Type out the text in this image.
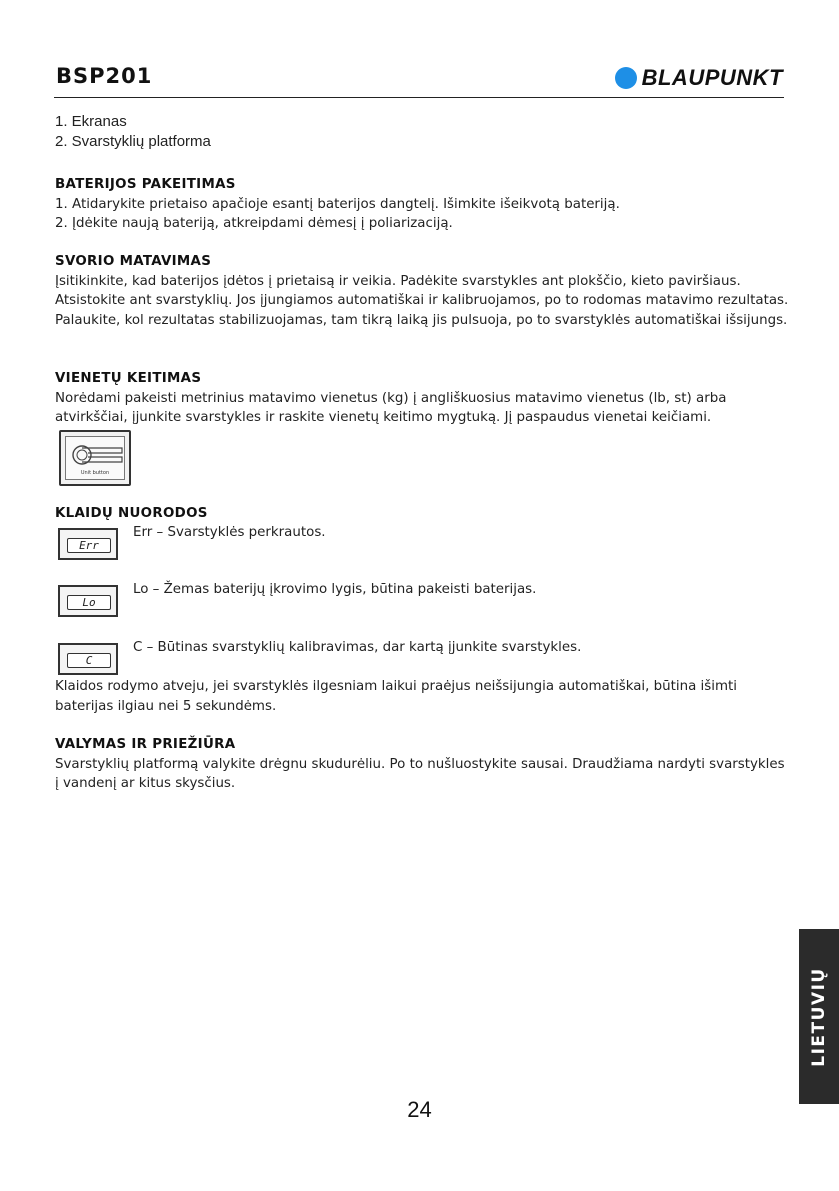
BSP201	BLAUPUNKT
1. Ekranas
2. Svarstyklių platforma
BATERIJOS PAKEITIMAS

1. Atidarykite prietaiso apačioje esantį baterijos dangtelį. Išimkite išeikvotą bateriją.

2. Įdėkite naują bateriją, atkreipdami dėmesį į poliarizaciją.

SVORIO MATAVIMAS

Įsitikinkite, kad baterijos įdėtos į prietaisą ir veikia. Padėkite svarstykles ant plokščio, kieto paviršiaus. Atsistokite ant svarstyklių. Jos įjungiamos automatiškai ir kalibruojamos, po to rodomas matavimo rezultatas. Palaukite, kol rezultatas stabilizuojamas, tam tikrą laiką jis pulsuoja, po to svarstyklės automatiškai išsijungs.

VIENETŲ KEITIMAS

Norėdami pakeisti metrinius matavimo vienetus (kg) į angliškuosius matavimo vienetus (lb, st) arba atvirkščiai, įjunkite svarstykles ir raskite vienetų keitimo mygtuką. Jį paspaudus vienetai keičiami.

Unit button
KLAIDŲ NUORODOS
Err
Err – Svarstyklės perkrautos.
Lo
Lo – Žemas baterijų įkrovimo lygis, būtina pakeisti baterijas.
C
C – Būtinas svarstyklių kalibravimas, dar kartą įjunkite svarstykles.

Klaidos rodymo atveju, jei svarstyklės ilgesniam laikui praėjus neišsijungia automatiškai, būtina išimti baterijas ilgiau nei 5 sekundėms.

VALYMAS IR PRIEŽIŪRA

Svarstyklių platformą valykite drėgnu skudurėliu. Po to nušluostykite sausai. Draudžiama nardyti svarstykles į vandenį ar kitus skysčius.

LIETUVIŲ
24
